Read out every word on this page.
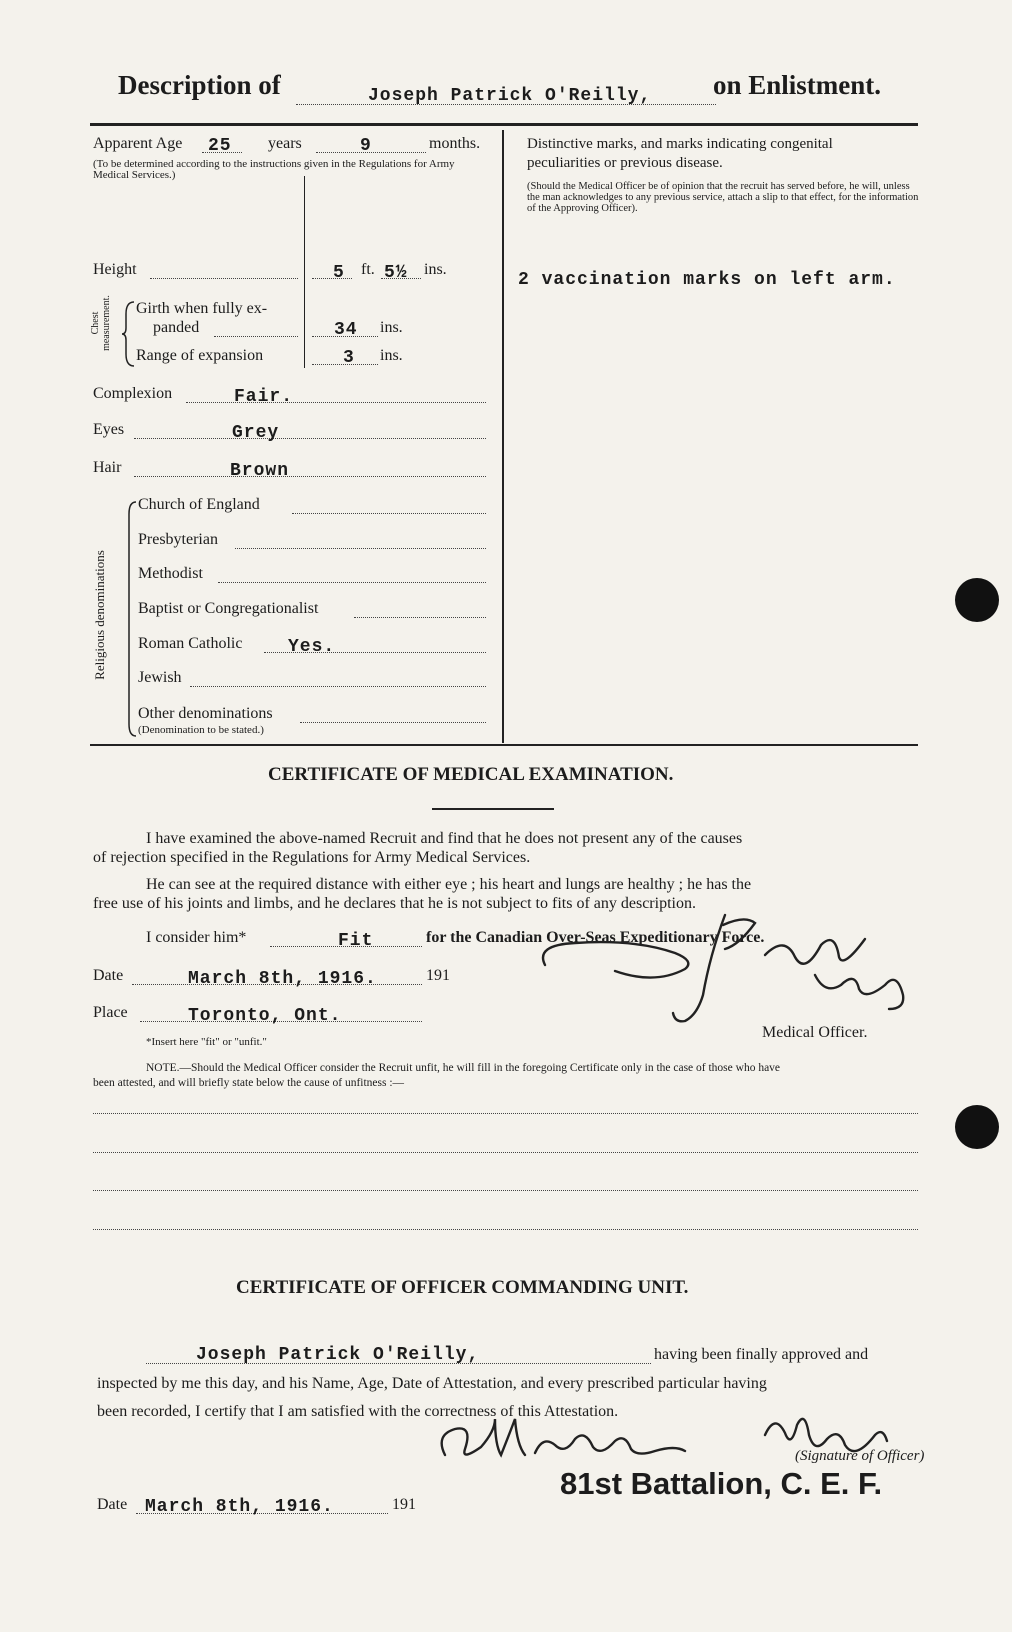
Description of	Joseph Patrick O'Reilly, on Enlistment.
Apparent Age 25 years	9	months.
(To be determined according to the instructions given in the Regulations for Army Medical Services.)
Height	5 ft. 5½ ins.
Chest measurement. Girth when fully ex-
panded	34 ins.
Range of expansion	3 ins.
Complexion	Fair.
Eyes	Grey
Hair	Brown
Religious denominations
Church of England
Presbyterian
Methodist
Baptist or Congregationalist
Roman Catholic	Yes.
Jewish
Other denominations
(Denomination to be stated.)
Distinctive marks, and marks indicating congenital
peculiarities or previous disease.
(Should the Medical Officer be of opinion that the recruit has served before, he will, unless the man acknowledges to any previous service, attach a slip to that effect, for the information of the Approving Officer).
2 vaccination marks on left arm.
CERTIFICATE OF MEDICAL EXAMINATION.
I have examined the above-named Recruit and find that he does not present any of the causes
of rejection specified in the Regulations for Army Medical Services.
He can see at the required distance with either eye ; his heart and lungs are healthy ; he has the
free use of his joints and limbs, and he declares that he is not subject to fits of any description.
I consider him*	Fit	for the Canadian Over-Seas Expeditionary Force.
Date	March 8th, 1916.	191
Place	Toronto, Ont.
*Insert here "fit" or "unfit."
Medical Officer.
NOTE.—Should the Medical Officer consider the Recruit unfit, he will fill in the foregoing Certificate only in the case of those who have
been attested, and will briefly state below the cause of unfitness :—
CERTIFICATE OF OFFICER COMMANDING UNIT.
Joseph Patrick O'Reilly,	having been finally approved and
inspected by me this day, and his Name, Age, Date of Attestation, and every prescribed particular having
been recorded, I certify that I am satisfied with the correctness of this Attestation.
(Signature of Officer)
81st Battalion, C. E. F.
Date March 8th, 1916.	191
